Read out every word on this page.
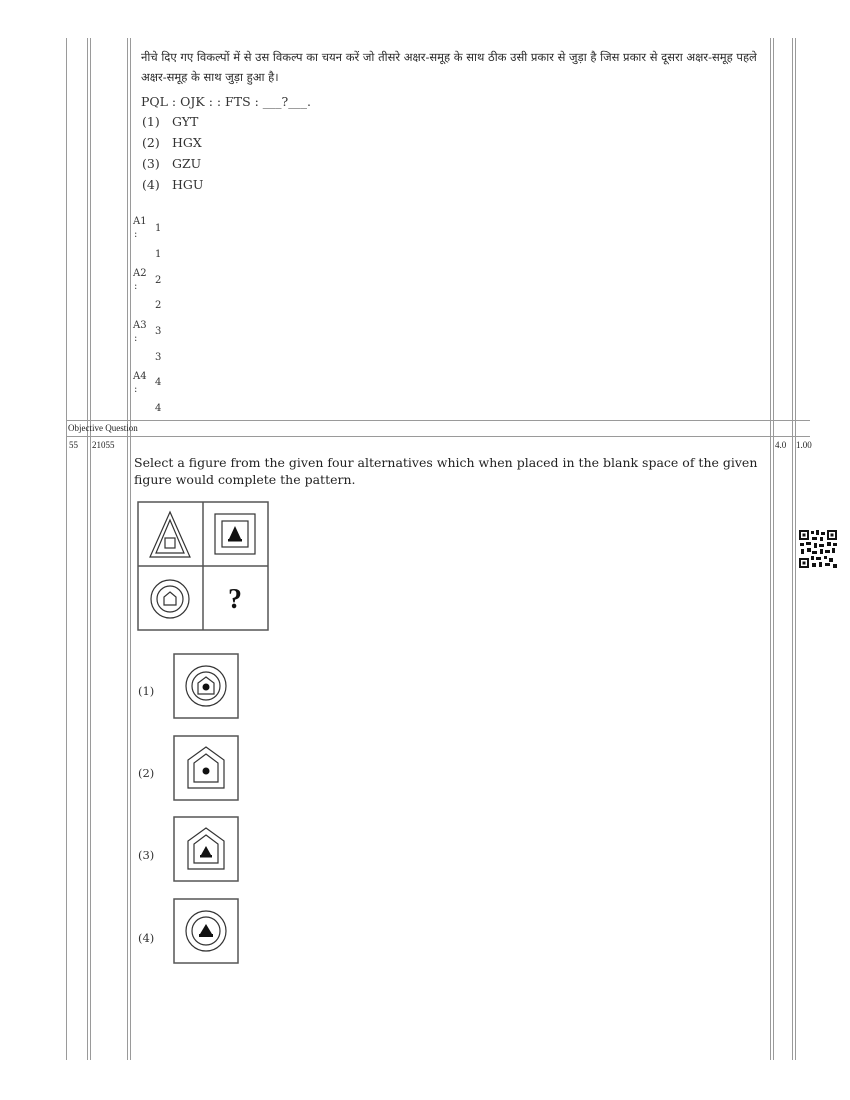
नीचे दिए गए विकल्पों में से उस विकल्प का चयन करें जो तीसरे अक्षर-समूह के साथ ठीक उसी प्रकार से जुड़ा है जिस प्रकार से दूसरा अक्षर-समूह पहले अक्षर-समूह के साथ जुड़ा हुआ है।
PQL : OJK : : FTS : ___?___.
(1) GYT
(2) HGX
(3) GZU
(4) HGU
A1
:
1
1
A2
:
2
2
A3
:
3
3
A4
:
4
4
Objective Question
55 21055	4.0 1.00
Select a figure from the given four alternatives which when placed in the blank space of the given figure would complete the pattern.
?
(1)
(2)
(3)
(4)
